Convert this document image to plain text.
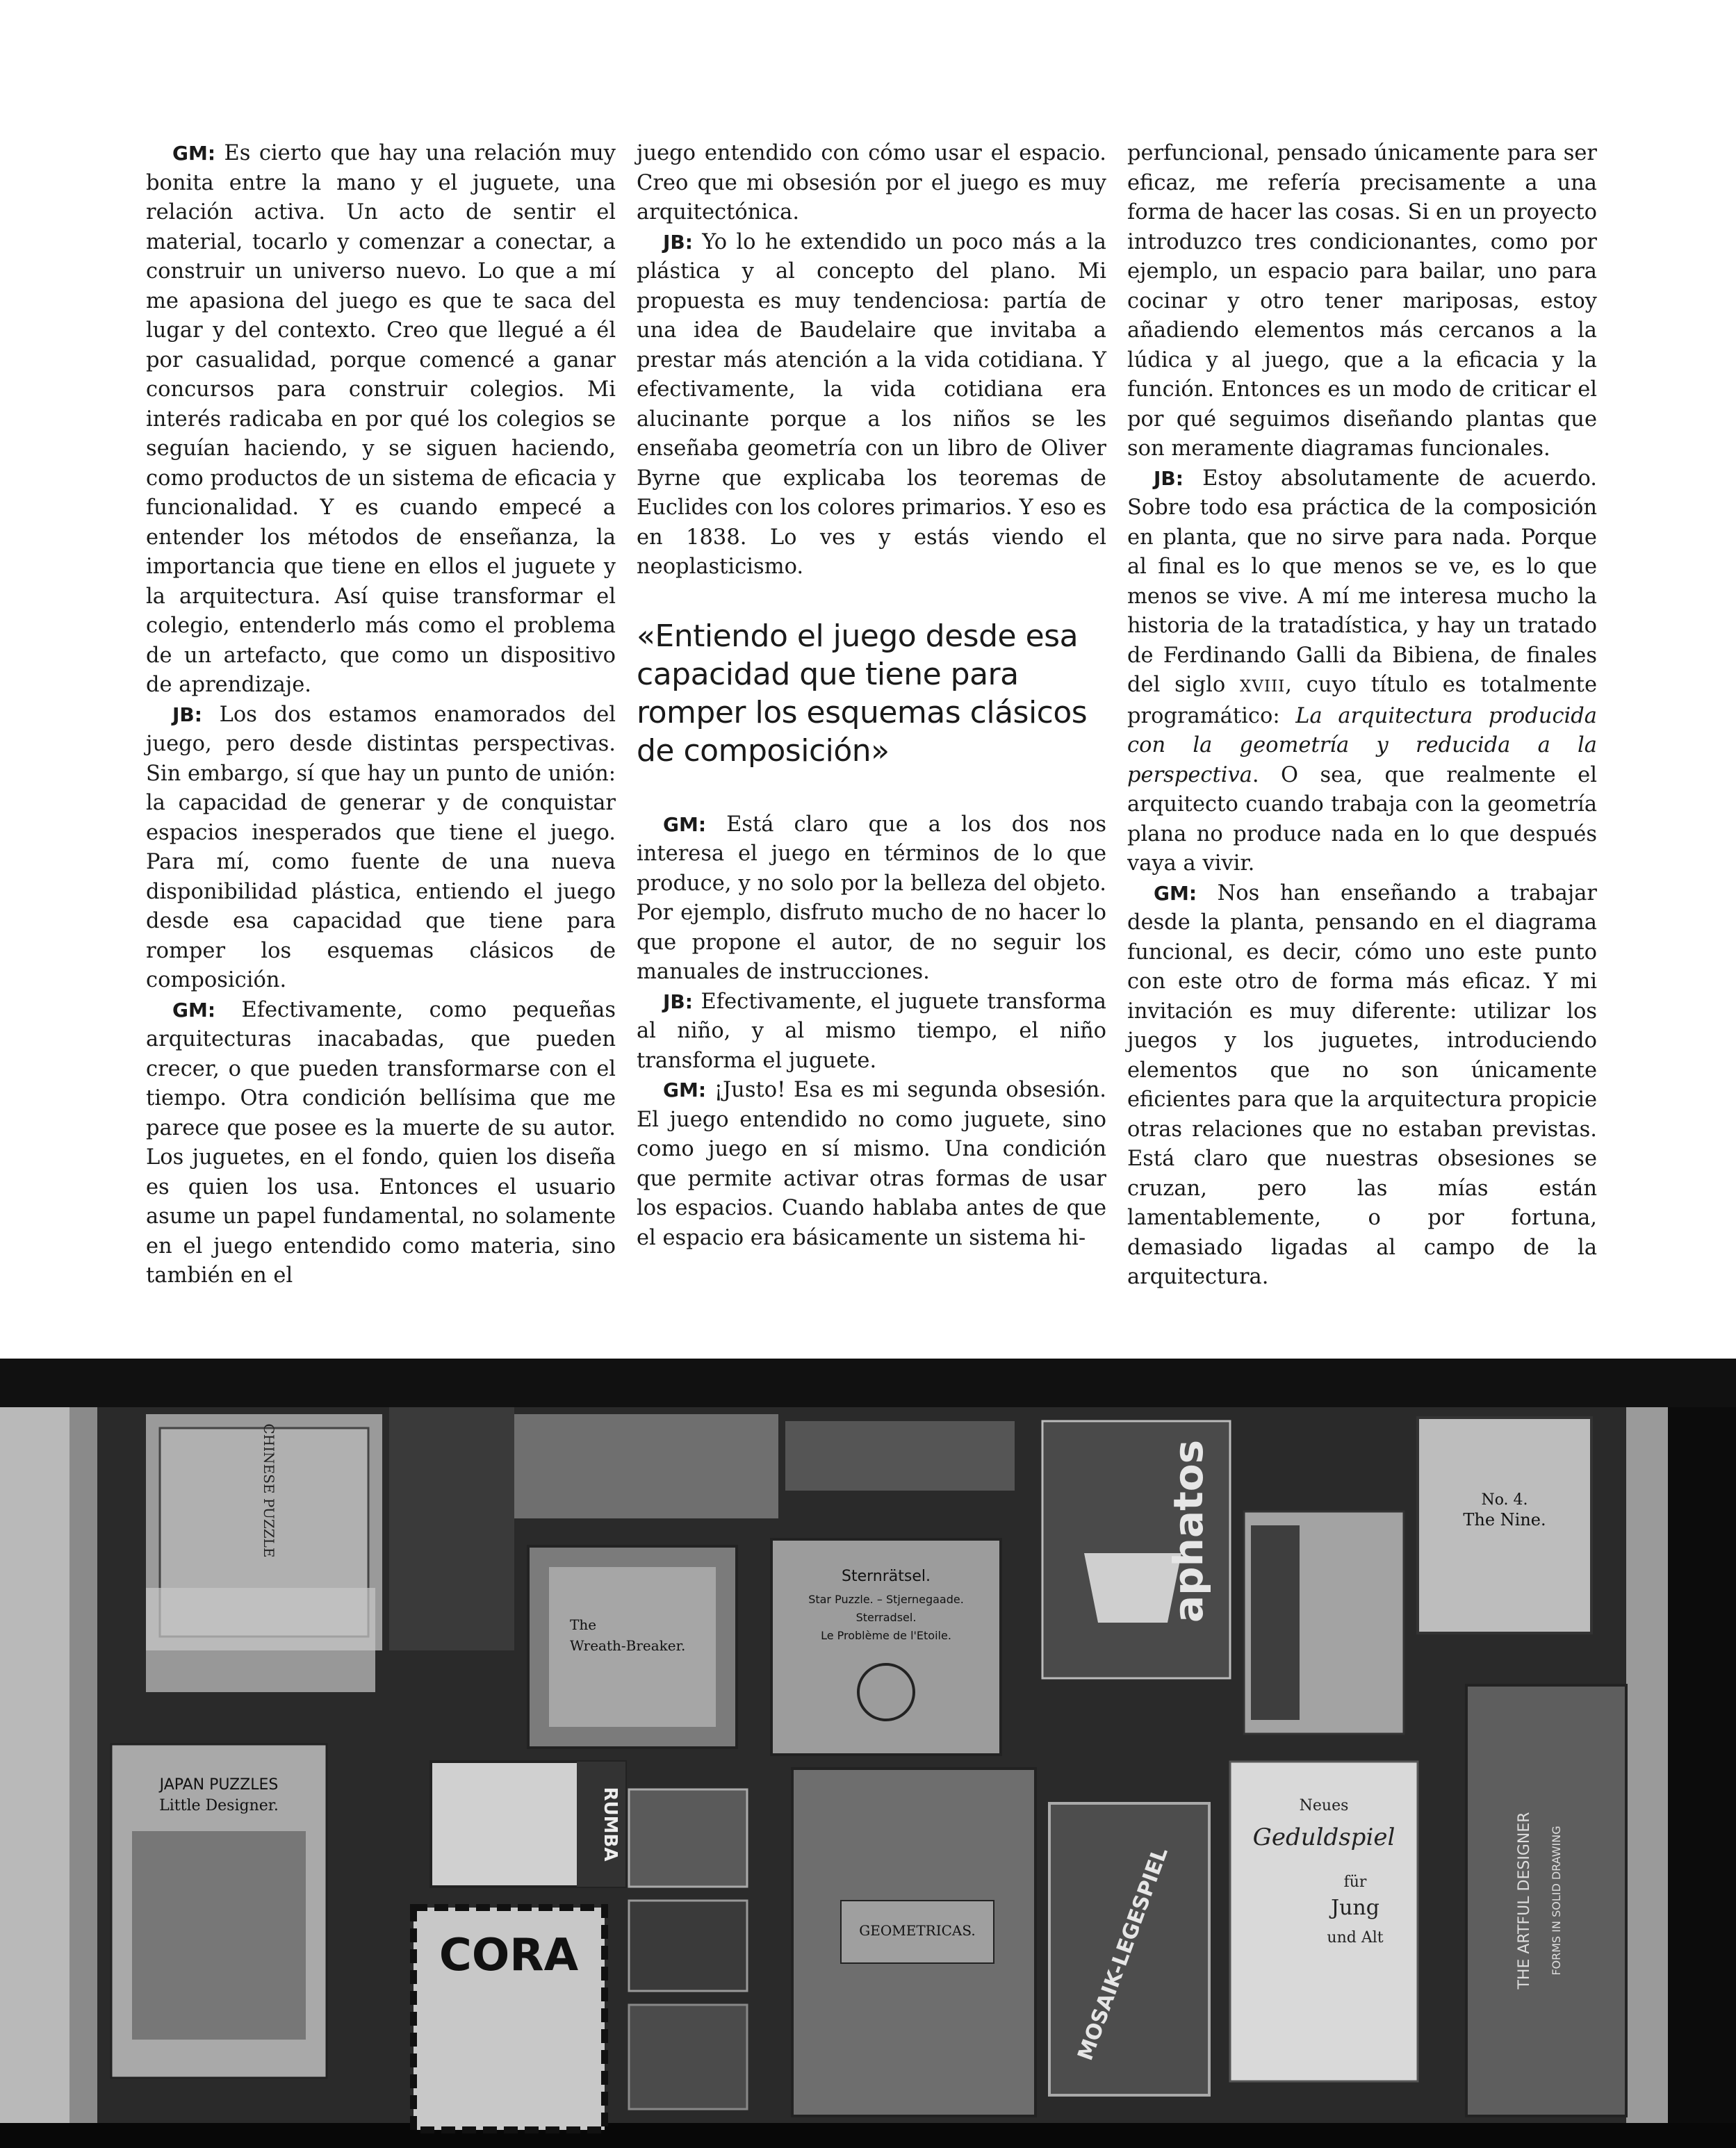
GM: Es cierto que hay una relación muy bonita entre la mano y el juguete, una relación activa. Un acto de sentir el material, tocarlo y comenzar a conectar, a construir un universo nuevo. Lo que a mí me apasiona del juego es que te saca del lugar y del contexto. Creo que llegué a él por casualidad, porque comencé a ganar concursos para construir colegios. Mi interés radicaba en por qué los colegios se seguían haciendo, y se siguen haciendo, como productos de un sistema de eficacia y funcionalidad. Y es cuando empecé a entender los métodos de enseñanza, la importancia que tiene en ellos el juguete y la arquitectura. Así quise transformar el colegio, entenderlo más como el problema de un artefacto, que como un dispositivo de aprendizaje.

JB: Los dos estamos enamorados del juego, pero desde distintas perspectivas. Sin embargo, sí que hay un punto de unión: la capacidad de generar y de conquistar espacios inesperados que tiene el juego. Para mí, como fuente de una nueva disponibilidad plástica, entiendo el juego desde esa capacidad que tiene para romper los esquemas clásicos de composición.

GM: Efectivamente, como pequeñas arquitecturas inacabadas, que pueden crecer, o que pueden transformarse con el tiempo. Otra condición bellísima que me parece que posee es la muerte de su autor. Los juguetes, en el fondo, quien los diseña es quien los usa. Entonces el usuario asume un papel fundamental, no solamente en el juego entendido como materia, sino también en el

juego entendido con cómo usar el espacio. Creo que mi obsesión por el juego es muy arquitectónica.

JB: Yo lo he extendido un poco más a la plástica y al concepto del plano. Mi propuesta es muy tendenciosa: partía de una idea de Baudelaire que invitaba a prestar más atención a la vida cotidiana. Y efectivamente, la vida cotidiana era alucinante porque a los niños se les enseñaba geometría con un libro de Oliver Byrne que explicaba los teoremas de Euclides con los colores primarios. Y eso es en 1838. Lo ves y estás viendo el neoplasticismo.

«Entiendo el juego desde esa capacidad que tiene para romper los esquemas clásicos de composición»

GM: Está claro que a los dos nos interesa el juego en términos de lo que produce, y no solo por la belleza del objeto. Por ejemplo, disfruto mucho de no hacer lo que propone el autor, de no seguir los manuales de instrucciones.

JB: Efectivamente, el juguete transforma al niño, y al mismo tiempo, el niño transforma el juguete.

GM: ¡Justo! Esa es mi segunda obsesión. El juego entendido no como juguete, sino como juego en sí mismo. Una condición que permite activar otras formas de usar los espacios. Cuando hablaba antes de que el espacio era básicamente un sistema hi-

perfuncional, pensado únicamente para ser eficaz, me refería precisamente a una forma de hacer las cosas. Si en un proyecto introduzco tres condicionantes, como por ejemplo, un espacio para bailar, uno para cocinar y otro tener mariposas, estoy añadiendo elementos más cercanos a la lúdica y al juego, que a la eficacia y la función. Entonces es un modo de criticar el por qué seguimos diseñando plantas que son meramente diagramas funcionales.

JB: Estoy absolutamente de acuerdo. Sobre todo esa práctica de la composición en planta, que no sirve para nada. Porque al final es lo que menos se ve, es lo que menos se vive. A mí me interesa mucho la historia de la tratadística, y hay un tratado de Ferdinando Galli da Bibiena, de finales del siglo XVIII, cuyo título es totalmente programático: La arquitectura producida con la geometría y reducida a la perspectiva. O sea, que realmente el arquitecto cuando trabaja con la geometría plana no produce nada en lo que después vaya a vivir.

GM: Nos han enseñando a trabajar desde la planta, pensando en el diagrama funcional, es decir, cómo uno este punto con este otro de forma más eficaz. Y mi invitación es muy diferente: utilizar los juegos y los juguetes, introduciendo elementos que no son únicamente eficientes para que la arquitectura propicie otras relaciones que no estaban previstas. Está claro que nuestras obsesiones se cruzan, pero las mías están lamentablemente, o por fortuna, demasiado ligadas al campo de la arquitectura.

CHINESE PUZZLE
The
Wreath-Breaker.
Sternrätsel.
Star Puzzle. – Stjernegaade.
Sterradsel.
Le Problème de l'Etoile.
No. 4.
The Nine.
aphatos
JAPAN PUZZLES
Little Designer.	RUMBA
CORA	GEOMETRICAS.	MOSAIK-LEGESPIEL
Neues
Geduldspiel
für
Jung
und Alt	THE ARTFUL DESIGNER FORMS IN SOLID DRAWING
